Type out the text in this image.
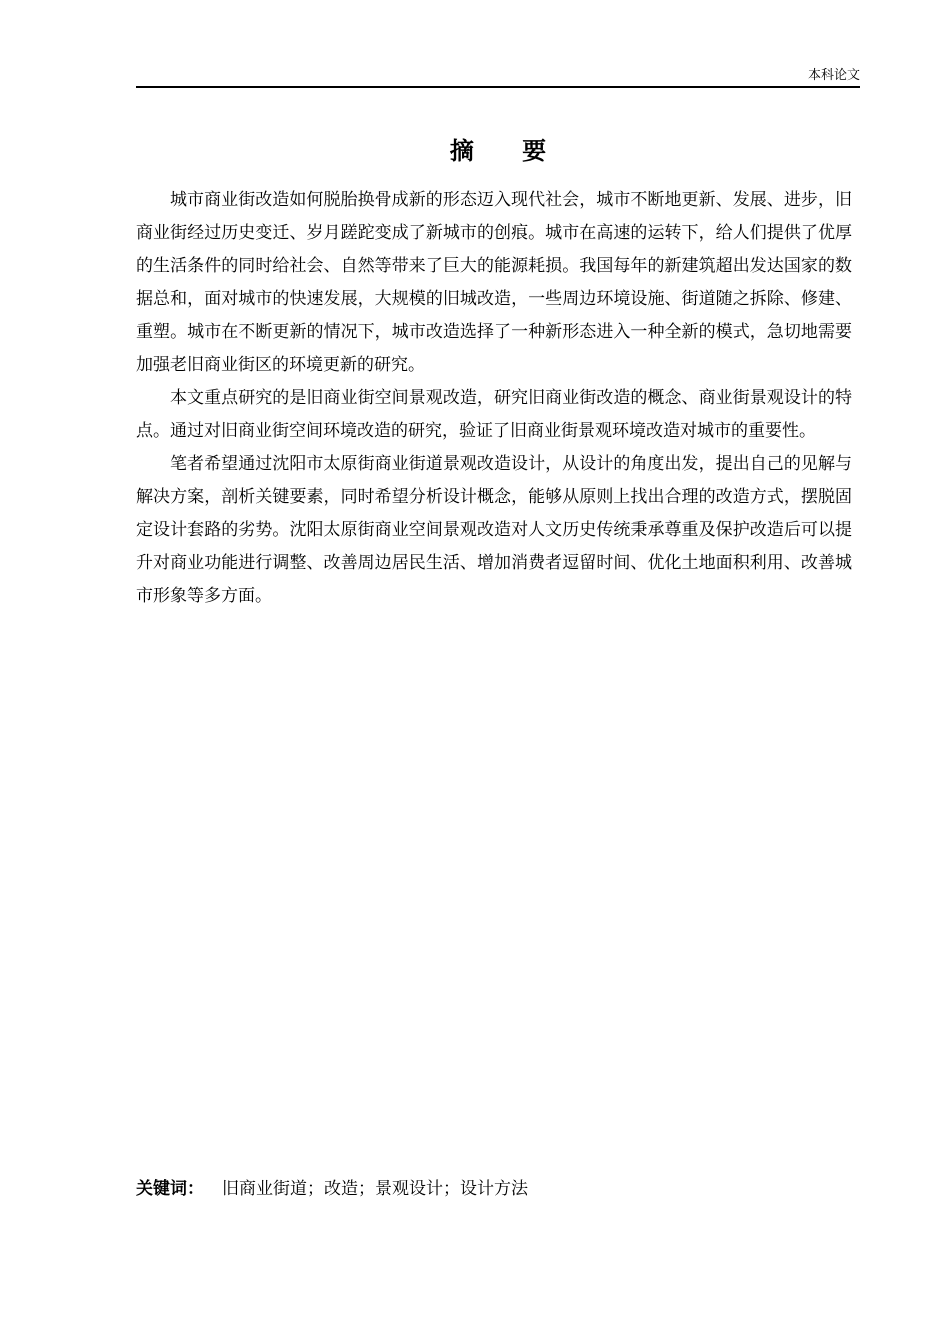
本科论文
摘 要

城市商业街改造如何脱胎换骨成新的形态迈入现代社会，城市不断地更新、发展、进步，旧商业街经过历史变迁、岁月蹉跎变成了新城市的创痕。城市在高速的运转下，给人们提供了优厚的生活条件的同时给社会、自然等带来了巨大的能源耗损。我国每年的新建筑超出发达国家的数据总和，面对城市的快速发展，大规模的旧城改造，一些周边环境设施、街道随之拆除、修建、重塑。城市在不断更新的情况下，城市改造选择了一种新形态进入一种全新的模式，急切地需要加强老旧商业街区的环境更新的研究。

本文重点研究的是旧商业街空间景观改造，研究旧商业街改造的概念、商业街景观设计的特点。通过对旧商业街空间环境改造的研究，验证了旧商业街景观环境改造对城市的重要性。

笔者希望通过沈阳市太原街商业街道景观改造设计，从设计的角度出发，提出自己的见解与解决方案，剖析关键要素，同时希望分析设计概念，能够从原则上找出合理的改造方式，摆脱固定设计套路的劣势。沈阳太原街商业空间景观改造对人文历史传统秉承尊重及保护改造后可以提升对商业功能进行调整、改善周边居民生活、增加消费者逗留时间、优化土地面积利用、改善城市形象等多方面。

关键词： 旧商业街道；改造；景观设计；设计方法
